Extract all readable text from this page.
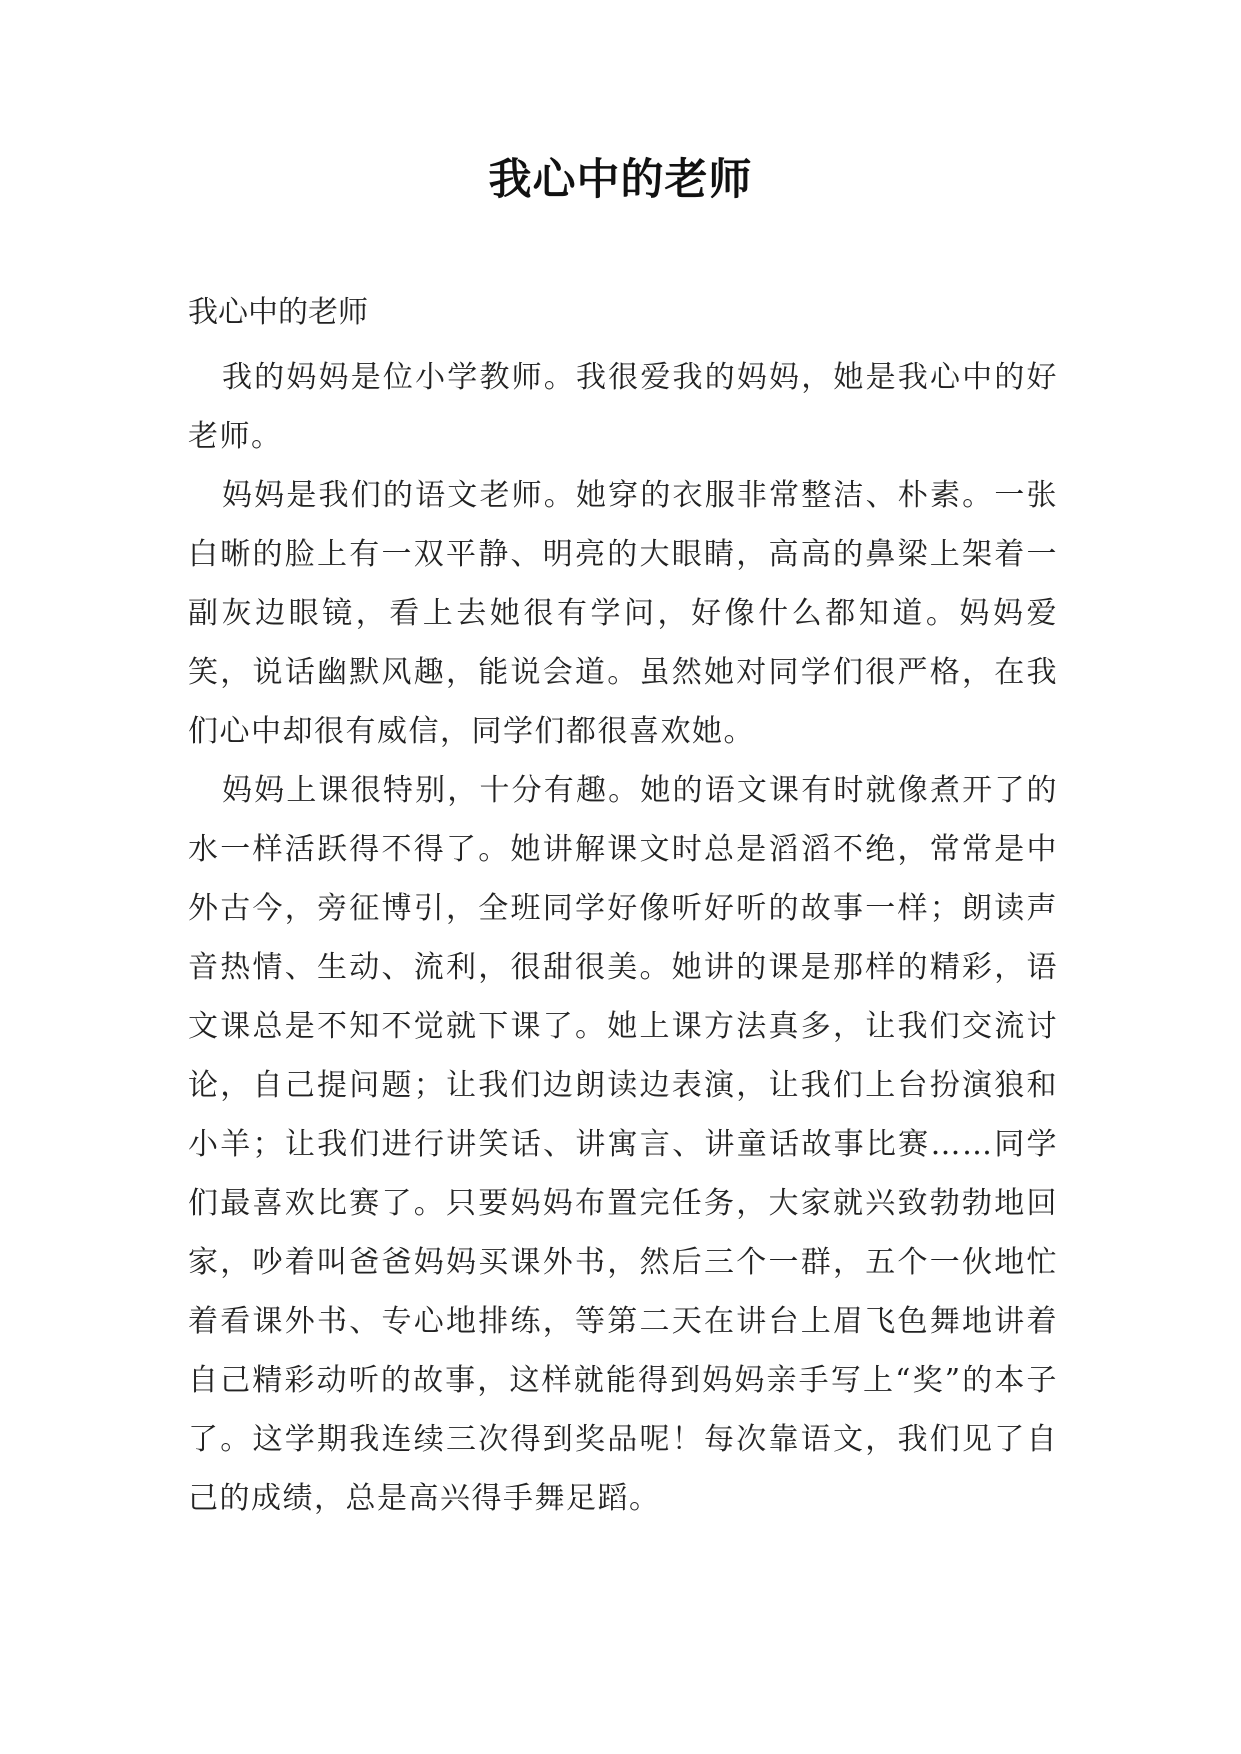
我心中的老师
我心中的老师

我的妈妈是位小学教师。我很爱我的妈妈，她是我心中的好老师。

妈妈是我们的语文老师。她穿的衣服非常整洁、朴素。一张白晰的脸上有一双平静、明亮的大眼睛，高高的鼻梁上架着一副灰边眼镜，看上去她很有学问，好像什么都知道。妈妈爱笑，说话幽默风趣，能说会道。虽然她对同学们很严格，在我们心中却很有威信，同学们都很喜欢她。

妈妈上课很特别，十分有趣。她的语文课有时就像煮开了的水一样活跃得不得了。她讲解课文时总是滔滔不绝，常常是中外古今，旁征博引，全班同学好像听好听的故事一样；朗读声音热情、生动、流利，很甜很美。她讲的课是那样的精彩，语文课总是不知不觉就下课了。她上课方法真多，让我们交流讨论，自己提问题；让我们边朗读边表演，让我们上台扮演狼和小羊；让我们进行讲笑话、讲寓言、讲童话故事比赛……同学们最喜欢比赛了。只要妈妈布置完任务，大家就兴致勃勃地回家，吵着叫爸爸妈妈买课外书，然后三个一群，五个一伙地忙着看课外书、专心地排练，等第二天在讲台上眉飞色舞地讲着自己精彩动听的故事，这样就能得到妈妈亲手写上“奖”的本子了。这学期我连续三次得到奖品呢！每次靠语文，我们见了自己的成绩，总是高兴得手舞足蹈。
